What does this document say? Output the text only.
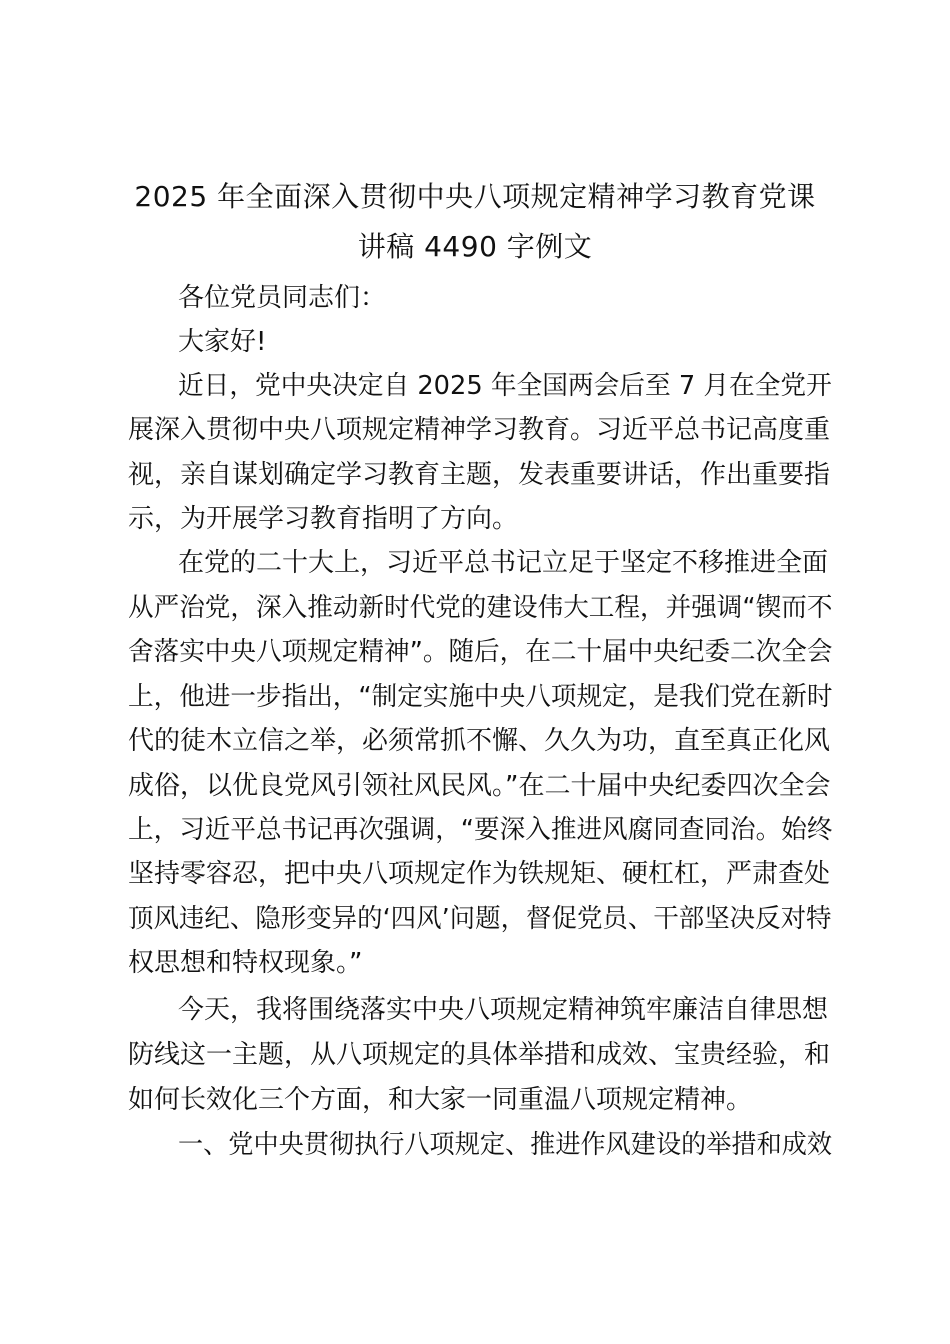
2025 年全面深入贯彻中央八项规定精神学习教育党课
讲稿 4490 字例文
各位党员同志们：
大家好!
近日，党中央决定自 2025 年全国两会后至 7 月在全党开
展深入贯彻中央八项规定精神学习教育。习近平总书记高度重
视，亲自谋划确定学习教育主题，发表重要讲话，作出重要指
示，为开展学习教育指明了方向。
在党的二十大上，习近平总书记立足于坚定不移推进全面
从严治党，深入推动新时代党的建设伟大工程，并强调“锲而不
舍落实中央八项规定精神”。随后，在二十届中央纪委二次全会
上，他进一步指出，“制定实施中央八项规定，是我们党在新时
代的徒木立信之举，必须常抓不懈、久久为功，直至真正化风
成俗，以优良党风引领社风民风。”在二十届中央纪委四次全会
上，习近平总书记再次强调，“要深入推进风腐同查同治。始终
坚持零容忍，把中央八项规定作为铁规矩、硬杠杠，严肃查处
顶风违纪、隐形变异的‘四风’问题，督促党员、干部坚决反对特
权思想和特权现象。”
今天，我将围绕落实中央八项规定精神筑牢廉洁自律思想
防线这一主题，从八项规定的具体举措和成效、宝贵经验，和
如何长效化三个方面，和大家一同重温八项规定精神。
一、党中央贯彻执行八项规定、推进作风建设的举措和成效
